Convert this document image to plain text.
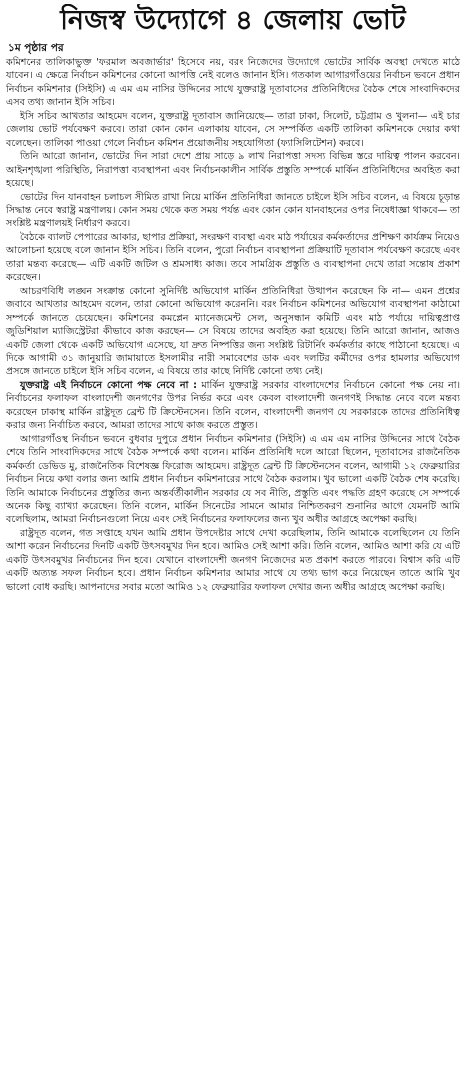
নিজস্ব উদ্যোগে ৪ জেলায় ভোট
১ম পৃষ্ঠার পর

কমিশনের তালিকাভুক্ত 'ফরমাল অবজার্ভার' হিসেবে নয়, বরং নিজেদের উদ্যোগে ভোটের সার্বিক অবস্থা দেখতে মাঠে যাবেন। এ ক্ষেত্রে নির্বাচন কমিশনের কোনো আপত্তি নেই বলেও জানান ইসি। গতকাল আগারগাঁওয়ের নির্বাচন ভবনে প্রধান নির্বাচন কমিশনার (সিইসি) এ এম এম নাসির উদ্দিনের সাথে যুক্তরাষ্ট্র দূতাবাসের প্রতিনিধিদের বৈঠক শেষে সাংবাদিকদের এসব তথ্য জানান ইসি সচিব।

ইসি সচিব আখতার আহমেদ বলেন, যুক্তরাষ্ট্র দূতাবাস জানিয়েছে— তারা ঢাকা, সিলেট, চট্টগ্রাম ও খুলনা— এই চার জেলায় ভোট পর্যবেক্ষণ করবে। তারা কোন কোন এলাকায় যাবেন, সে সম্পর্কিত একটি তালিকা কমিশনকে দেয়ার কথা বলেছেন। তালিকা পাওয়া গেলে নির্বাচন কমিশন প্রয়োজনীয় সহযোগিতা (ফ্যাসিলিটেশন) করবে।

তিনি আরো জানান, ভোটের দিন সারা দেশে প্রায় সাড়ে ৯ লাখ নিরাপত্তা সদস্য বিভিন্ন স্তরে দায়িত্ব পালন করবেন। আইনশৃঙ্খলা পরিস্থিতি, নিরাপত্তা ব্যবস্থাপনা এবং নির্বাচনকালীন সার্বিক প্রস্তুতি সম্পর্কে মার্কিন প্রতিনিধিদের অবহিত করা হয়েছে।

ভোটের দিন যানবাহন চলাচল সীমিত রাখা নিয়ে মার্কিন প্রতিনিধিরা জানতে চাইলে ইসি সচিব বলেন, এ বিষয়ে চূড়ান্ত সিদ্ধান্ত নেবে স্বরাষ্ট্র মন্ত্রণালয়। কোন সময় থেকে কত সময় পর্যন্ত এবং কোন কোন যানবাহনের ওপর নিষেধাজ্ঞা থাকবে— তা সংশ্লিষ্ট মন্ত্রণালয়ই নির্ধারণ করবে।

বৈঠকে ব্যালট পেপারের আকার, ছাপার প্রক্রিয়া, সংরক্ষণ ব্যবস্থা এবং মাঠ পর্যায়ের কর্মকর্তাদের প্রশিক্ষণ কার্যক্রম নিয়েও আলোচনা হয়েছে বলে জানান ইসি সচিব। তিনি বলেন, পুরো নির্বাচন ব্যবস্থাপনা প্রক্রিয়াটি দূতাবাস পর্যবেক্ষণ করেছে এবং তারা মন্তব্য করেছে— এটি একটি জটিল ও শ্রমসাধ্য কাজ। তবে সামগ্রিক প্রস্তুতি ও ব্যবস্থাপনা দেখে তারা সন্তোষ প্রকাশ করেছেন।

আচরণবিধি লঙ্ঘন সংক্রান্ত কোনো সুনির্দিষ্ট অভিযোগ মার্কিন প্রতিনিধিরা উত্থাপন করেছেন কি না— এমন প্রশ্নের জবাবে আখতার আহমেদ বলেন, তারা কোনো অভিযোগ করেননি। বরং নির্বাচন কমিশনের অভিযোগ ব্যবস্থাপনা কাঠামো সম্পর্কে জানতে চেয়েছেন। কমিশনের কমপ্লেন ম্যানেজমেন্ট সেল, অনুসন্ধান কমিটি এবং মাঠ পর্যায়ে দায়িত্বপ্রাপ্ত জুডিশিয়াল ম্যাজিস্ট্রেটরা কীভাবে কাজ করছেন— সে বিষয়ে তাদের অবহিত করা হয়েছে। তিনি আরো জানান, আজও একটি জেলা থেকে একটি অভিযোগ এসেছে, যা দ্রুত নিষ্পত্তির জন্য সংশ্লিষ্ট রিটার্নিং কর্মকর্তার কাছে পাঠানো হয়েছে। এ দিকে আগামী ৩১ জানুয়ারি জামায়াতে ইসলামীর নারী সমাবেশের ডাক এবং দলটির কর্মীদের ওপর হামলার অভিযোগ প্রসঙ্গে জানতে চাইলে ইসি সচিব বলেন, এ বিষয়ে তার কাছে নির্দিষ্ট কোনো তথ্য নেই।

যুক্তরাষ্ট্র এই নির্বাচনে কোনো পক্ষ নেবে না : মার্কিন যুক্তরাষ্ট্র সরকার বাংলাদেশের নির্বাচনে কোনো পক্ষ নেয় না। নির্বাচনের ফলাফল বাংলাদেশী জনগণের উপর নির্ভর করে এবং কেবল বাংলাদেশী জনগণই সিদ্ধান্ত নেবে বলে মন্তব্য করেছেন ঢাকাস্থ মার্কিন রাষ্ট্রদূত ব্রেন্ট টি ক্রিস্টেনসেন। তিনি বলেন, বাংলাদেশী জনগণ যে সরকারকে তাদের প্রতিনিধিত্ব করার জন্য নির্বাচিত করবে, আমরা তাদের সাথে কাজ করতে প্রস্তুত।

আগারগাঁওস্থ নির্বাচন ভবনে বুধবার দুপুরে প্রধান নির্বাচন কমিশনার (সিইসি) এ এম এম নাসির উদ্দিনের সাথে বৈঠক শেষে তিনি সাংবাদিকদের সাথে বৈঠক সম্পর্কে কথা বলেন। মার্কিন প্রতিনিধি দলে আরো ছিলেন, দূতাবাসের রাজনৈতিক কর্মকর্তা ডেভিড মু, রাজনৈতিক বিশেষজ্ঞ ফিরোজ আহমেদ। রাষ্ট্রদূত ব্রেন্ট টি ক্রিস্টেনসেন বলেন, আগামী ১২ ফেব্রুয়ারির নির্বাচন নিয়ে কথা বলার জন্য আমি প্রধান নির্বাচন কমিশনারের সাথে বৈঠক করলাম। খুব ভালো একটি বৈঠক শেষ করেছি। তিনি আমাকে নির্বাচনের প্রস্তুতির জন্য অন্তর্বর্তীকালীন সরকার যে সব নীতি, প্রস্তুতি এবং পদ্ধতি গ্রহণ করেছে সে সম্পর্কে অনেক কিছু ব্যাখ্যা করেছেন। তিনি বলেন, মার্কিন সিনেটের সামনে আমার নিশ্চিতকরণ শুনানির আগে যেমনটি আমি বলেছিলাম, আমরা নির্বাচনগুলো নিয়ে এবং সেই নির্বাচনের ফলাফলের জন্য খুব অধীর আগ্রহে অপেক্ষা করছি।

রাষ্ট্রদূত বলেন, গত সপ্তাহে যখন আমি প্রধান উপদেষ্টার সাথে দেখা করেছিলাম, তিনি আমাকে বলেছিলেন যে তিনি আশা করেন নির্বাচনের দিনটি একটি উৎসবমুখর দিন হবে। আমিও সেই আশা করি। তিনি বলেন, আমিও আশা করি যে এটি একটি উৎসবমুখর নির্বাচনের দিন হবে। যেখানে বাংলাদেশী জনগণ নিজেদের মত প্রকাশ করতে পারবে। বিশ্বাস করি এটি একটি অত্যন্ত সফল নির্বাচন হবে। প্রধান নির্বাচন কমিশনার আমার সাথে যে তথ্য ভাগ করে নিয়েছেন তাতে আমি খুব ভালো বোধ করছি। আপনাদের সবার মতো আমিও ১২ ফেব্রুয়ারির ফলাফল দেখার জন্য অধীর আগ্রহে অপেক্ষা করছি।
